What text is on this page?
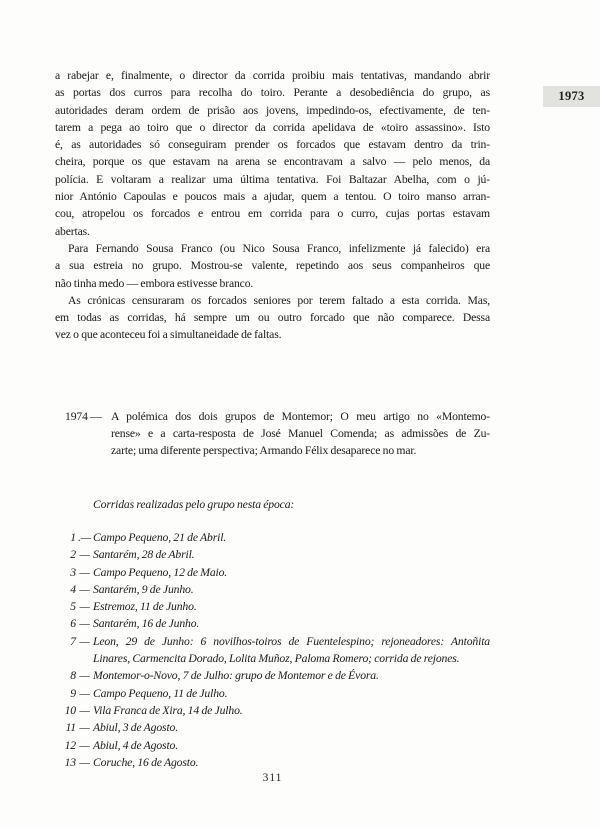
1973
a rabejar e, finalmente, o director da corrida proibiu mais tentativas, mandando abrir
as portas dos curros para recolha do toiro. Perante a desobediência do grupo, as
autoridades deram ordem de prisão aos jovens, impedindo-os, efectivamente, de ten-
tarem a pega ao toiro que o director da corrida apelidava de «toiro assassino». Isto
é, as autoridades só conseguiram prender os forcados que estavam dentro da trin-
cheira, porque os que estavam na arena se encontravam a salvo — pelo menos, da
polícia. E voltaram a realizar uma última tentativa. Foi Baltazar Abelha, com o jú-
nior António Capoulas e poucos mais a ajudar, quem a tentou. O toiro manso arran-
cou, atropelou os forcados e entrou em corrida para o curro, cujas portas estavam
abertas.
Para Fernando Sousa Franco (ou Nico Sousa Franco, infelizmente já falecido) era
a sua estreia no grupo. Mostrou-se valente, repetindo aos seus companheiros que
não tinha medo — embora estivesse branco.
As crónicas censuraram os forcados seniores por terem faltado a esta corrida. Mas,
em todas as corridas, há sempre um ou outro forcado que não comparece. Dessa
vez o que aconteceu foi a simultaneidade de faltas.
1974 — A polémica dos dois grupos de Montemor; O meu artigo no «Montemo-
rense» e a carta-resposta de José Manuel Comenda; as admissões de Zu-
zarte; uma diferente perspectiva; Armando Félix desaparece no mar.
Corridas realizadas pelo grupo nesta época:
1 .— Campo Pequeno, 21 de Abril.
2 — Santarém, 28 de Abril.
3 — Campo Pequeno, 12 de Maio.
4 — Santarém, 9 de Junho.
5 — Estremoz, 11 de Junho.
6 — Santarém, 16 de Junho.
7 — Leon, 29 de Junho: 6 novilhos-toiros de Fuentelespino; rejoneadores: Antoñita
Linares, Carmencita Dorado, Lolita Muñoz, Paloma Romero; corrida de rejones.
8 — Montemor-o-Novo, 7 de Julho: grupo de Montemor e de Évora.
9 — Campo Pequeno, 11 de Julho.
10 — Vila Franca de Xira, 14 de Julho.
11 — Abiul, 3 de Agosto.
12 — Abiul, 4 de Agosto.
13 — Coruche, 16 de Agosto.
311
